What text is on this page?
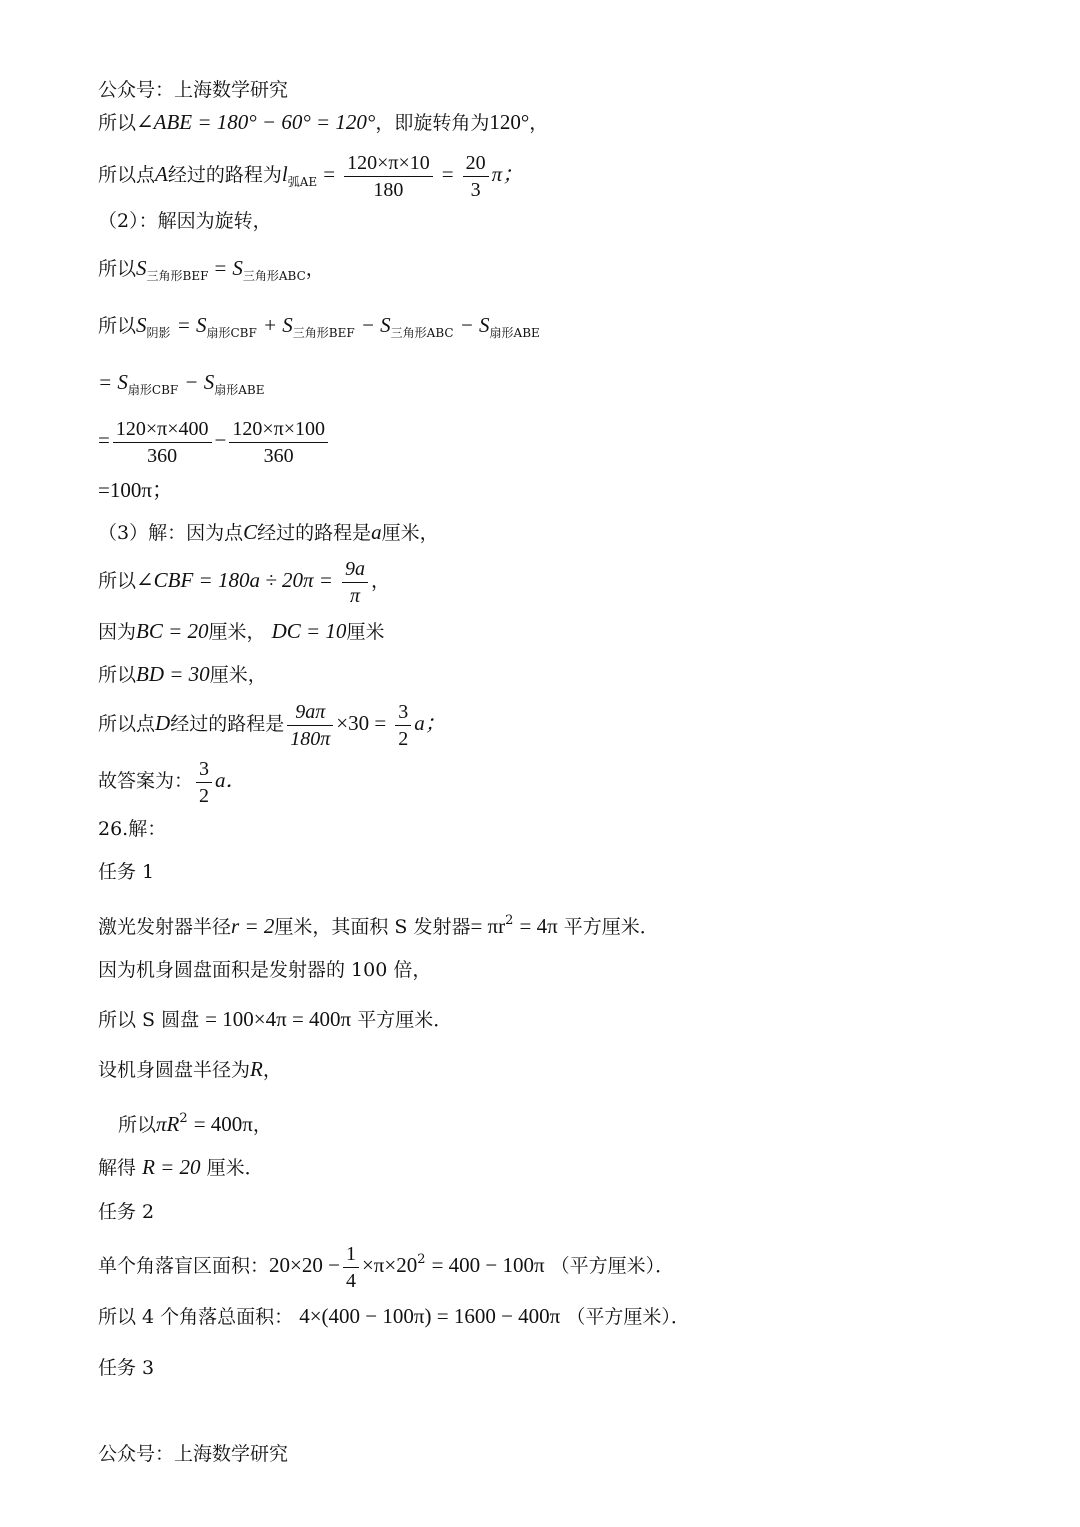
公众号：上海数学研究
所以∠ABE = 180° − 60° = 120°，即旋转角为120°，
所以点A经过的路程为$l_{弧AE} = \frac{120\times\pi\times 10}{180} = \frac{20}{3}$ π；
（2）：解因为旋转，
所以$S_{三角形BEF} = S_{三角形ABC}$，
所以$S_{阴影} = S_{扇形CBF} + S_{三角形BEF} - S_{三角形ABC} - S_{扇形ABE}$
= $S_{扇形CBF} - S_{扇形ABE}$
= $\frac{120\times\pi\times 400}{360} - \frac{120\times\pi\times 100}{360}$
=100π；
（3）解：因为点C经过的路程是a厘米，
所以∠CBF = $180a \div 20\pi = \frac{9a}{\pi}$ ，
因为BC = 20厘米， DC = 10厘米
所以BD = 30厘米，
所以点D经过的路程是 $\frac{9a\pi}{180\pi} \times 30 = \frac{3}{2}$ a；
故答案为： $\frac{3}{2}$ a．
26.解：
任务 1
激光发射器半径r = 2厘米，其面积 S 发射器= $\pi r^2 = 4\pi$ 平方厘米．
因为机身圆盘面积是发射器的 100 倍，
所以 S 圆盘 = 100×4π = 400π 平方厘米．
设机身圆盘半径为R，
所以$\pi R^2 = 400\pi$，
解得 R = 20 厘米．
任务 2
单个角落盲区面积：$20\times 20 - \frac{1}{4} \times\pi\times 20^2 = 400 - 100\pi$ （平方厘米）．
所以 4 个角落总面积： 4×(400 − 100π) = 1600 − 400π （平方厘米）．
任务 3
公众号：上海数学研究
